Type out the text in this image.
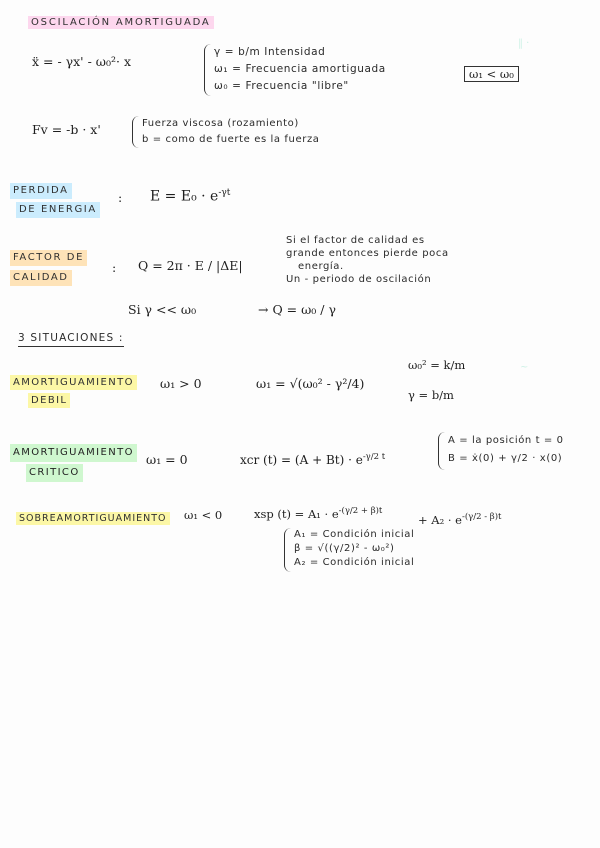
OSCILACIÓN AMORTIGUADA
ẍ = - γx' - ω₀²· x
γ = b/m Intensidad
ω₁ = Frecuencia amortiguada
ω₀ = Frecuencia "libre"
ω₁ < ω₀
Fv = -b · x'	Fuerza viscosa (rozamiento)
b = como de fuerte es la fuerza
PERDIDA
DE ENERGIA
: $E = E_0 \cdot e^{-\gamma t}$
FACTOR DE
CALIDAD
: Q = 2π · E / |ΔE|
Si el factor de calidad es
grande entonces pierde poca
energía.
Un - periodo de oscilación
Si γ << ω₀	→ Q = ω₀ / γ
3 SITUACIONES :
AMORTIGUAMIENTO
DEBIL
ω₁ > 0	ω₁ = √(ω₀² - γ²/4)
ω₀² = k/m
γ = b/m
~
AMORTIGUAMIENTO
CRITICO
ω₁ = 0	xcr $(t) = (A + Bt) \cdot e^{-\gamma/2 t}$
A = la posición t = 0
B = ẋ(0) + γ/2 · x(0)
SOBREAMORTIGUAMIENTO ω₁ < 0	xsp $(t) = A_1 \cdot e^{-(\gamma/2 + \beta)t}$
+ $A_2 \cdot e^{-(\gamma/2 - \beta)t}$
A₁ = Condición inicial
β = √((γ/2)² - ω₀²)
A₂ = Condición inicial
‖ ·
